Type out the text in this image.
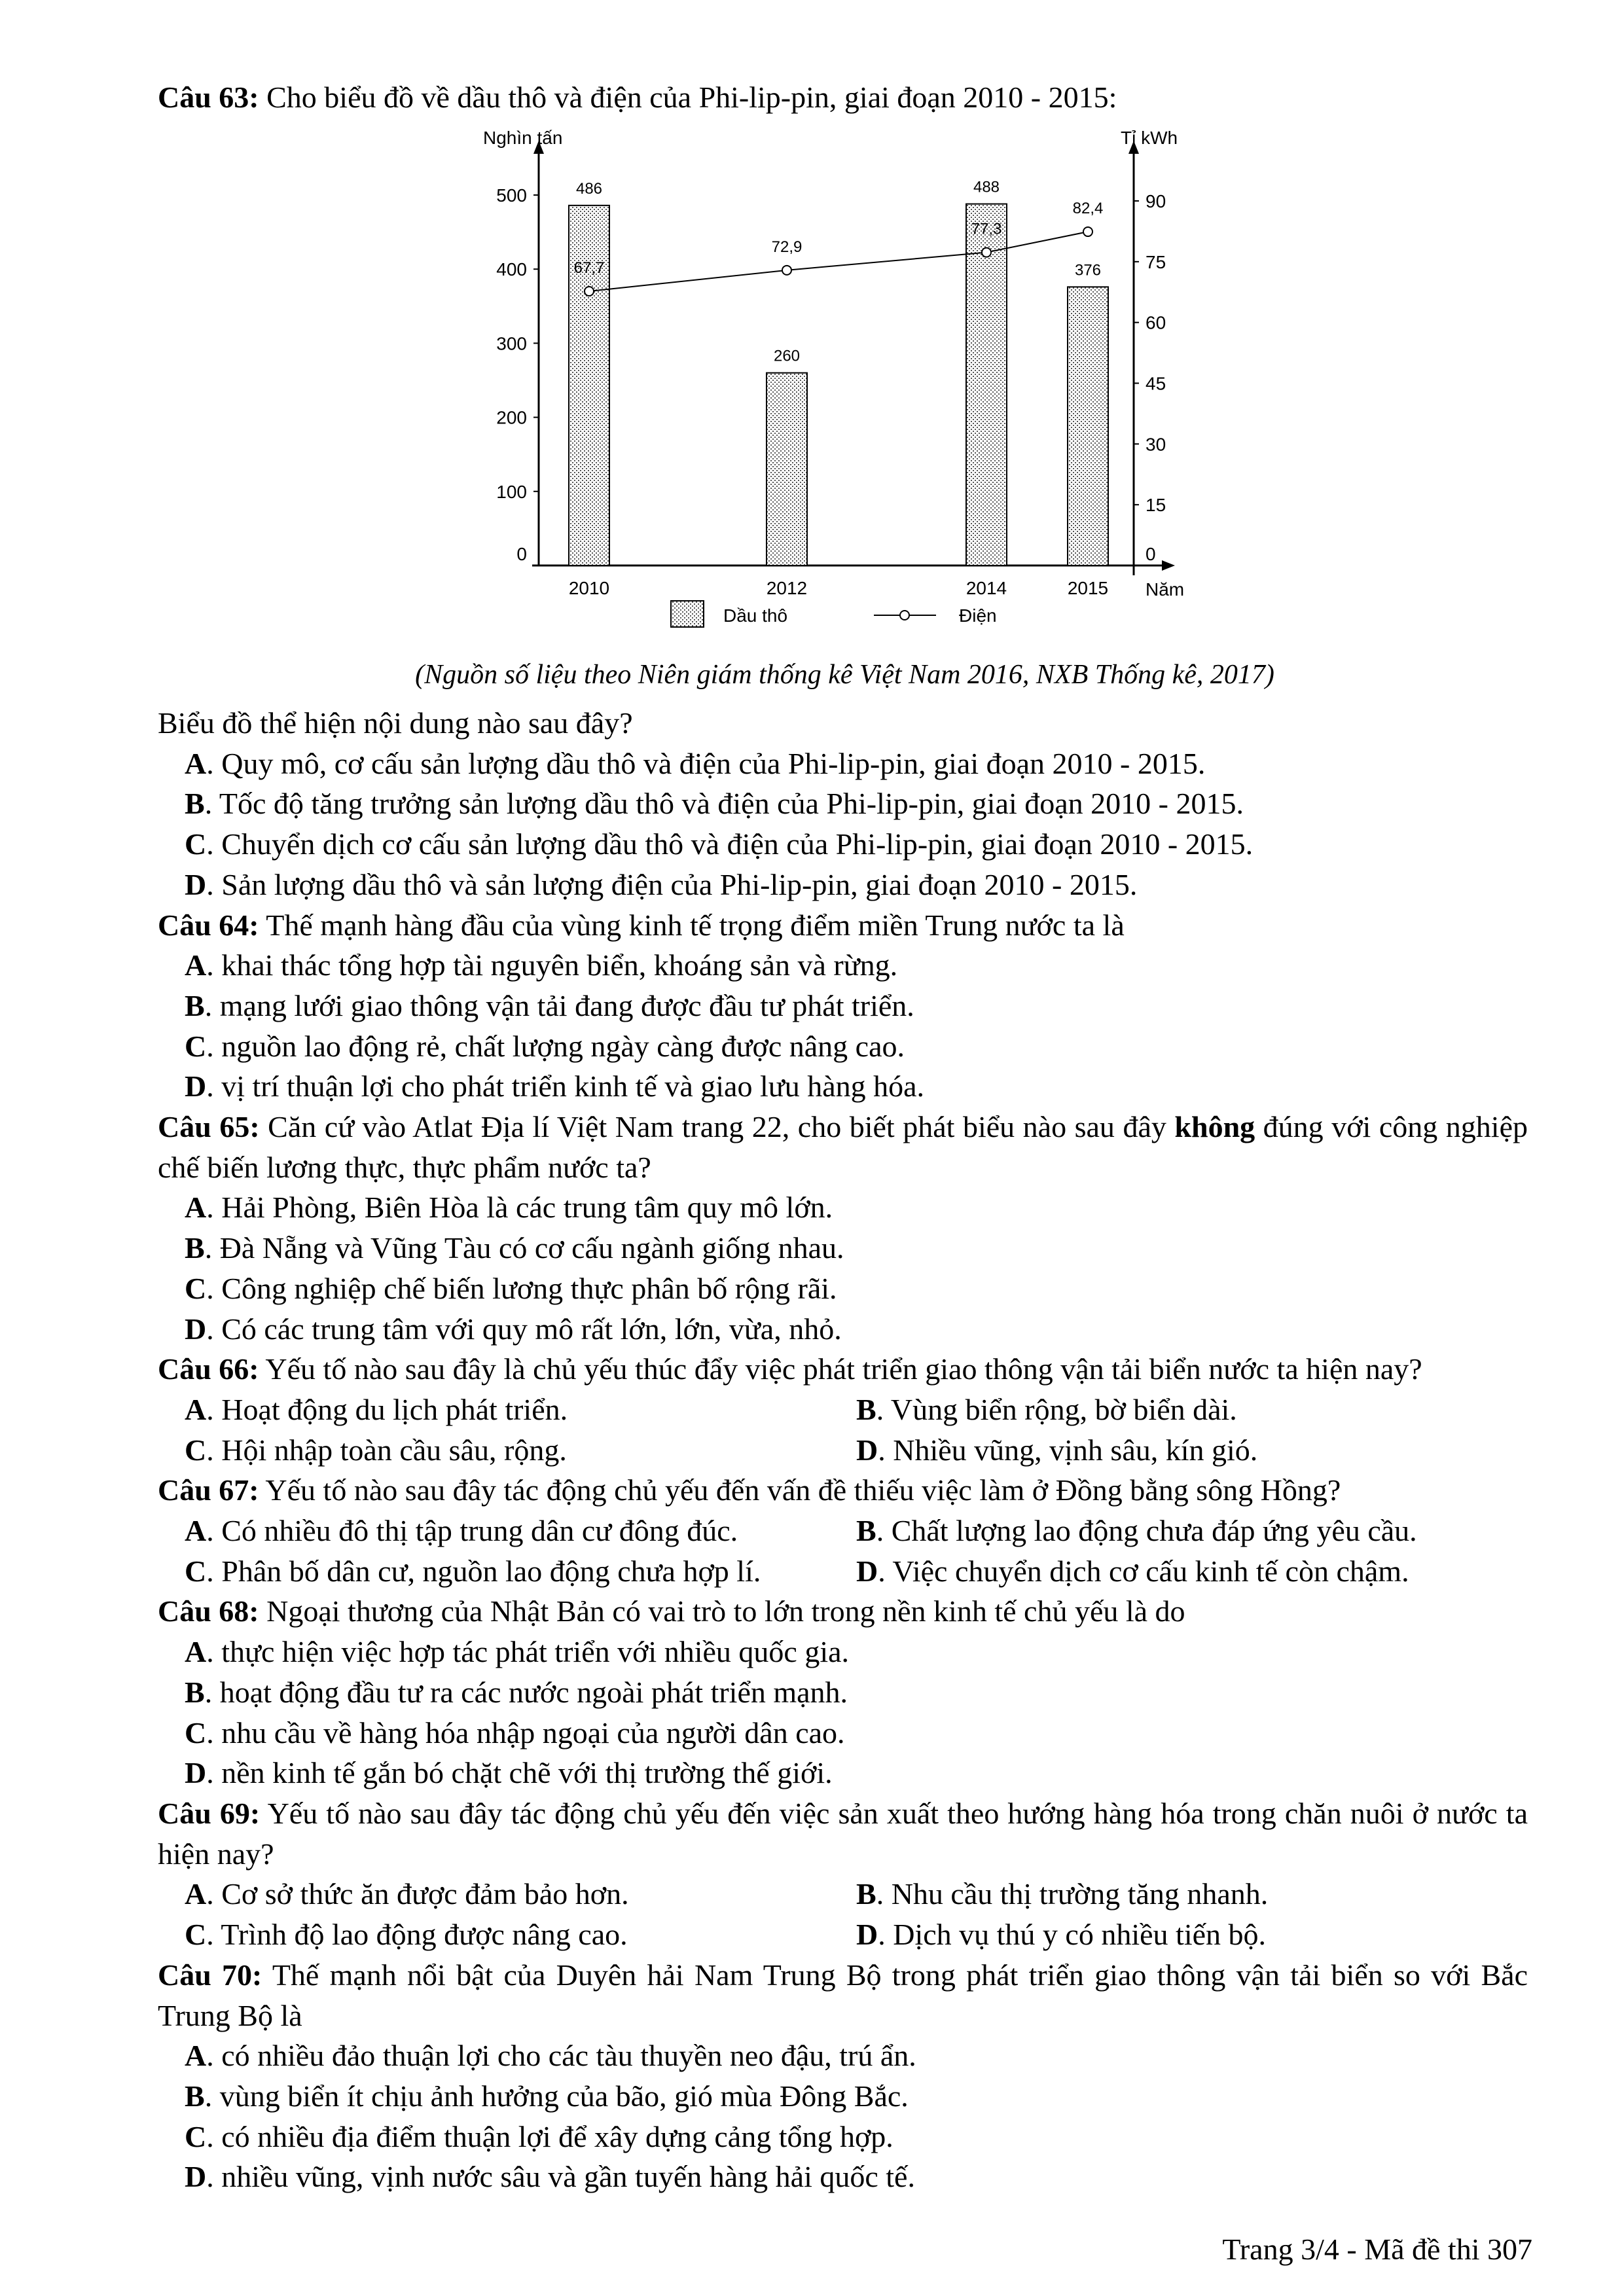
Câu 63: Cho biểu đồ về dầu thô và điện của Phi-lip-pin, giai đoạn 2010 - 2015:
Nghìn tấn	Tỉ kWh
Năm
0
100
200
300
400
500
0
15
30
45
60
75
90
486
260
488
376
67,7
72,9
77,3
82,4
2010	2012	2014	2015
Dầu thô	Điện
(Nguồn số liệu theo Niên giám thống kê Việt Nam 2016, NXB Thống kê, 2017)
Biểu đồ thể hiện nội dung nào sau đây?
A. Quy mô, cơ cấu sản lượng dầu thô và điện của Phi-lip-pin, giai đoạn 2010 - 2015.
B. Tốc độ tăng trưởng sản lượng dầu thô và điện của Phi-lip-pin, giai đoạn 2010 - 2015.
C. Chuyển dịch cơ cấu sản lượng dầu thô và điện của Phi-lip-pin, giai đoạn 2010 - 2015.
D. Sản lượng dầu thô và sản lượng điện của Phi-lip-pin, giai đoạn 2010 - 2015.
Câu 64: Thế mạnh hàng đầu của vùng kinh tế trọng điểm miền Trung nước ta là
A. khai thác tổng hợp tài nguyên biển, khoáng sản và rừng.
B. mạng lưới giao thông vận tải đang được đầu tư phát triển.
C. nguồn lao động rẻ, chất lượng ngày càng được nâng cao.
D. vị trí thuận lợi cho phát triển kinh tế và giao lưu hàng hóa.
Câu 65: Căn cứ vào Atlat Địa lí Việt Nam trang 22, cho biết phát biểu nào sau đây không đúng với công nghiệp chế biến lương thực, thực phẩm nước ta?
A. Hải Phòng, Biên Hòa là các trung tâm quy mô lớn.
B. Đà Nẵng và Vũng Tàu có cơ cấu ngành giống nhau.
C. Công nghiệp chế biến lương thực phân bố rộng rãi.
D. Có các trung tâm với quy mô rất lớn, lớn, vừa, nhỏ.
Câu 66: Yếu tố nào sau đây là chủ yếu thúc đẩy việc phát triển giao thông vận tải biển nước ta hiện nay?
A. Hoạt động du lịch phát triển.	B. Vùng biển rộng, bờ biển dài.
C. Hội nhập toàn cầu sâu, rộng.	D. Nhiều vũng, vịnh sâu, kín gió.
Câu 67: Yếu tố nào sau đây tác động chủ yếu đến vấn đề thiếu việc làm ở Đồng bằng sông Hồng?
A. Có nhiều đô thị tập trung dân cư đông đúc.	B. Chất lượng lao động chưa đáp ứng yêu cầu.
C. Phân bố dân cư, nguồn lao động chưa hợp lí.	D. Việc chuyển dịch cơ cấu kinh tế còn chậm.
Câu 68: Ngoại thương của Nhật Bản có vai trò to lớn trong nền kinh tế chủ yếu là do
A. thực hiện việc hợp tác phát triển với nhiều quốc gia.
B. hoạt động đầu tư ra các nước ngoài phát triển mạnh.
C. nhu cầu về hàng hóa nhập ngoại của người dân cao.
D. nền kinh tế gắn bó chặt chẽ với thị trường thế giới.
Câu 69: Yếu tố nào sau đây tác động chủ yếu đến việc sản xuất theo hướng hàng hóa trong chăn nuôi ở nước ta hiện nay?
A. Cơ sở thức ăn được đảm bảo hơn.	B. Nhu cầu thị trường tăng nhanh.
C. Trình độ lao động được nâng cao.	D. Dịch vụ thú y có nhiều tiến bộ.
Câu 70: Thế mạnh nổi bật của Duyên hải Nam Trung Bộ trong phát triển giao thông vận tải biển so với Bắc Trung Bộ là
A. có nhiều đảo thuận lợi cho các tàu thuyền neo đậu, trú ẩn.
B. vùng biển ít chịu ảnh hưởng của bão, gió mùa Đông Bắc.
C. có nhiều địa điểm thuận lợi để xây dựng cảng tổng hợp.
D. nhiều vũng, vịnh nước sâu và gần tuyến hàng hải quốc tế.
Trang 3/4 - Mã đề thi 307
